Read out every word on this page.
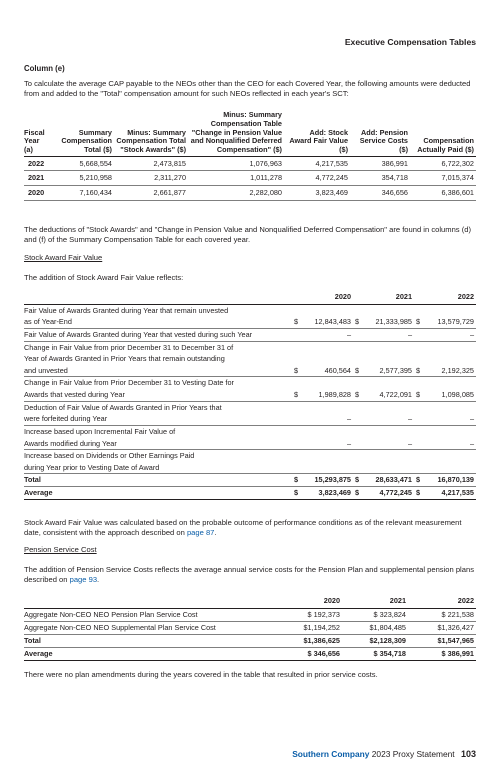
Executive Compensation Tables
Column (e)
To calculate the average CAP payable to the NEOs other than the CEO for each Covered Year, the following amounts were deducted from and added to the "Total" compensation amount for such NEOs reflected in each year's SCT:
Fiscal Year (a)	Summary Compensation Total ($)	Minus: Summary Compensation Total "Stock Awards" ($)	Minus: Summary Compensation Table "Change in Pension Value and Nonqualified Deferred Compensation" ($)	Add: Stock Award Fair Value ($)	Add: Pension Service Costs ($)	Compensation Actually Paid ($)
2022	5,668,554	2,473,815	1,076,963	4,217,535	386,991	6,722,302
2021	5,210,958	2,311,270	1,011,278	4,772,245	354,718	7,015,374
2020	7,160,434	2,661,877	2,282,080	3,823,469	346,656	6,386,601
The deductions of "Stock Awards" and "Change in Pension Value and Nonqualified Deferred Compensation" are found in columns (d) and (f) of the Summary Compensation Table for each covered year.
Stock Award Fair Value
The addition of Stock Award Fair Value reflects:
	2020	2021	2022
Fair Value of Awards Granted during Year that remain unvested			
as of Year-End	$ 12,843,483	$ 21,333,985	$ 13,579,729

Fair Value of Awards Granted during Year that vested during such Year	–	–	–

Change in Fair Value from prior December 31 to December 31 of			
Year of Awards Granted in Prior Years that remain outstanding			
and unvested	$ 460,564	$ 2,577,395	$ 2,192,325

Change in Fair Value from Prior December 31 to Vesting Date for			
Awards that vested during Year	$ 1,989,828	$ 4,722,091	$ 1,098,085

Deduction of Fair Value of Awards Granted in Prior Years that			
were forfeited during Year	–	–	–

Increase based upon Incremental Fair Value of			
Awards modified during Year	–	–	–

Increase based on Dividends or Other Earnings Paid			
during Year prior to Vesting Date of Award	

Total	$ 15,293,875	$ 28,633,471	$ 16,870,139

Average	$ 3,823,469	$ 4,772,245	$ 4,217,535
Stock Award Fair Value was calculated based on the probable outcome of performance conditions as of the relevant measurement date, consistent with the approach described on page 87.
Pension Service Cost
The addition of Pension Service Costs reflects the average annual service costs for the Pension Plan and supplemental pension plans described on page 93.
	2020	2021	2022
Aggregate Non-CEO NEO Pension Plan Service Cost	$ 192,373	$ 323,824	$ 221,538
Aggregate Non-CEO NEO Supplemental Plan Service Cost	$1,194,252	$1,804,485	$1,326,427
Total	$1,386,625	$2,128,309	$1,547,965
Average	$ 346,656	$ 354,718	$ 386,991
There were no plan amendments during the years covered in the table that resulted in prior service costs.
Southern Company 2023 Proxy Statement 103
